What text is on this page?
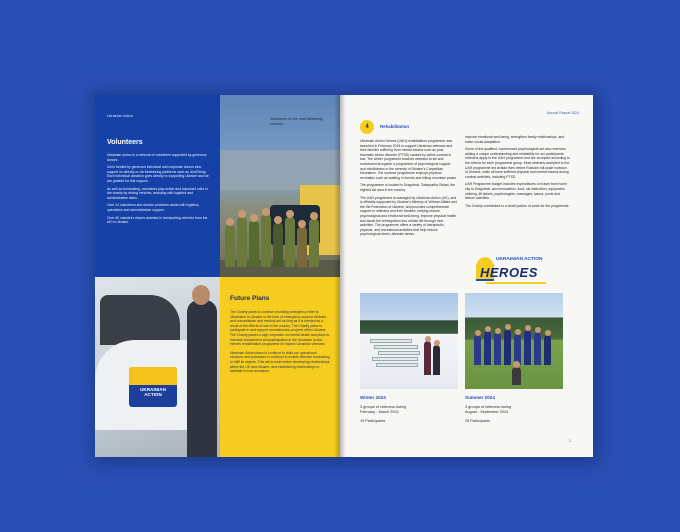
Ukrainian Action
Volunteers

Ukrainian Action is a network of volunteers supported by generous donors.

UA is funded by generous individual and corporate donors who support us directly or via fundraising platforms such as JustGiving. Each individual donation goes directly to supporting Ukraine and we are grateful for this support.

As well as fundraising, volunteers play active and important roles in the charity by driving vehicles, assisting with logistics and administrative tasks.

Over 14 volunteers and service providers assist with logistics, operations and administrative support.

Over 50 volunteer drivers assisted in transporting vehicles from the UK to Ukraine.

Volunteers on the road delivering vehicles.
UKRAINIAN ACTION
Future Plans

The Charity plans to continue providing emergency relief to Ukrainians in Ukraine in the form of emergency support vehicles and humanitarian and medical aid as long as it is needed as a result of the effects of war in the country. The Charity plans to participate in and support reconstruction projects within Ukraine. The Charity places a high emphasis on mental health and plans to increase involvement and participation in the Ukrainian Action Heroes rehabilitation programme for injured Ukrainian veterans.

Ukrainian Action plans to continue to build our operational structure and processes to continue to enable effective fundraising to fulfil its objects. This will include further developing relationships within the UK and Ukraine, and establishing relationships to facilitate in-kind donations.

Annual Report 2024
4	Rehabilitation

Ukrainian Action Heroes (UAH) rehabilitation programme was launched in February 2024 to support Ukrainian veterans and their families suffering from mental trauma such as post-traumatic stress disorder (PTSD) caused by active combat in war. The winter programme teaches veterans to ski and snowboard alongside a programme of psychological support and mindfulness in the serenity of Ukraine's Carpathian Mountains. The summer programme employs physical recreation such as walking in forests and hiking mountain peaks.

The programme is located in Dragobrat, Zakarpattia Oblast, the highest ski area in the country.

The UAH programme is managed by Ukrainian Action (US), and is officially supported by Ukraine's Ministry of Veteran Affairs and the Ski Federation of Ukraine, and provides comprehensive support to veterans and their families, helping restore psychological and emotional well-being, improve physical health and assist the reintegration into civilian life through new activities. The programme offers a variety of therapeutic, physical, and recreational activities that help reduce psychological strain, alleviate stress,

improve emotional well-being, strengthen family relationships, and foster social adaptation.

Some of the qualified, experienced psychologists are also veterans, adding a unique understanding and relatability for our participants. Veterans apply to the UAH programme and are accepted according to the criteria for each programme group. Most veterans accepted to the UAH programme led civilian lives before Russia's full-scale invasion of Ukraine, while all have suffered physical and mental trauma during combat activities, including PTSD.

UAH Programme budget includes expenditures on travel from home city to Dragobrat, accommodation, food, ski instruction, equipment, clothing, lift tickets, psychologists, massages, sauna, pools and leisure activities.

The Charity contributed to a small portion of costs for the programme.

UKRAINIAN ACTION
HEROES
Winter 2024
3 groups of veterans during
February - March 2024
19 Participants
Summer 2024
3 groups of veterans during
August - September 2024
25 Participants
1
